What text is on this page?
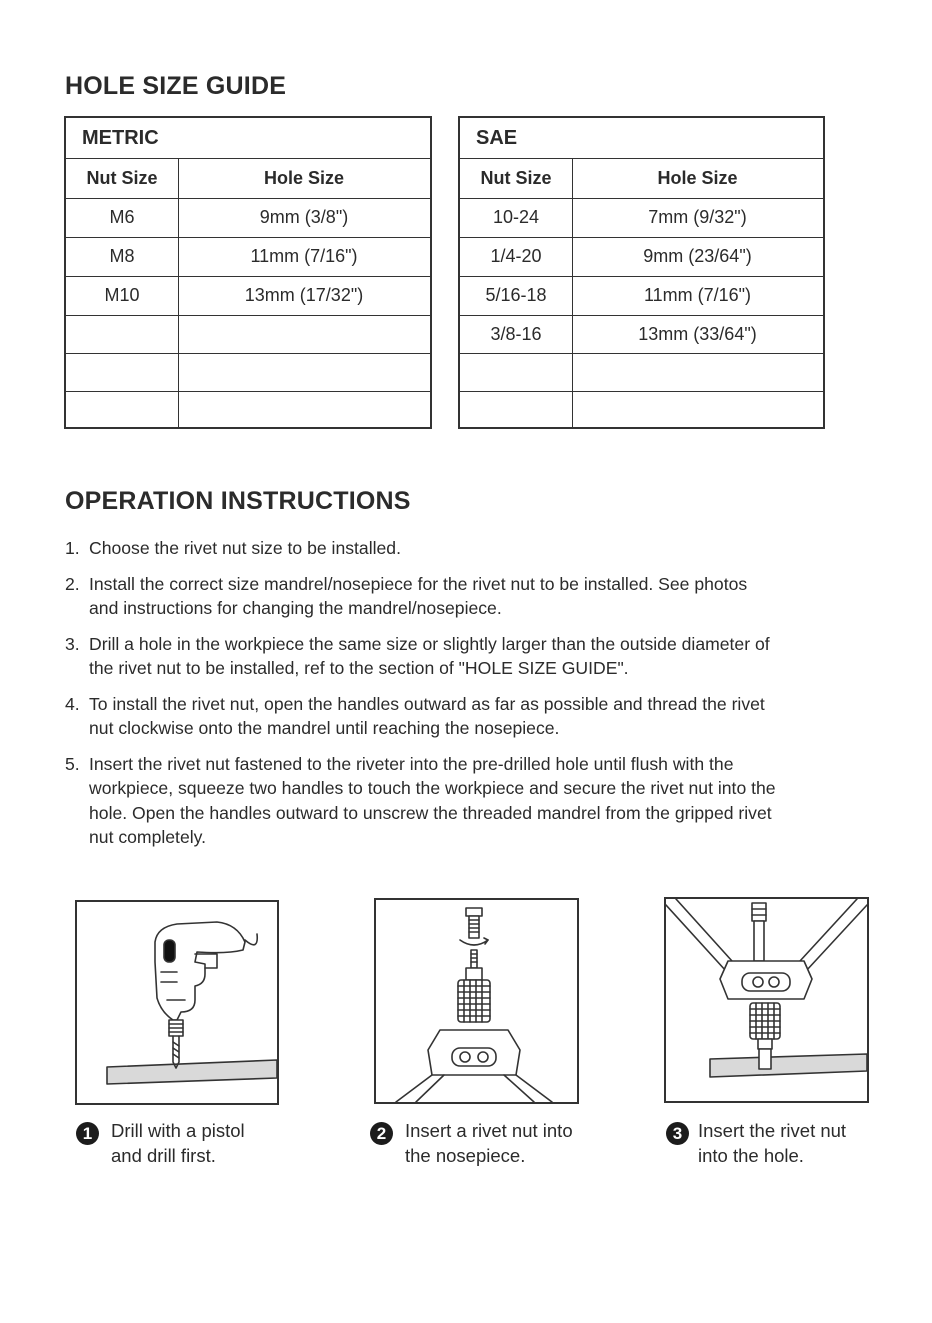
HOLE SIZE GUIDE
METRIC
Nut Size	Hole Size
M6	9mm (3/8")
M8	11mm (7/16")
M10	13mm (17/32")
SAE
Nut Size	Hole Size
10-24	7mm (9/32")
1/4-20	9mm (23/64")
5/16-18	11mm (7/16")
3/8-16	13mm (33/64")
OPERATION INSTRUCTIONS
1. Choose the rivet nut size to be installed.
2. Install the correct size mandrel/nosepiece for the rivet nut to be installed. See photos
and instructions for changing the mandrel/nosepiece.
3. Drill a hole in the workpiece the same size or slightly larger than the outside diameter of
the rivet nut to be installed, ref to the section of "HOLE SIZE GUIDE".
4. To install the rivet nut, open the handles outward as far as possible and thread the rivet
nut clockwise onto the mandrel until reaching the nosepiece.
5. Insert the rivet nut fastened to the riveter into the pre-drilled hole until flush with the
workpiece, squeeze two handles to touch the workpiece and secure the rivet nut into the
hole. Open the handles outward to unscrew the threaded mandrel from the gripped rivet
nut completely.
1	Drill with a pistol
and drill first.
2	Insert a rivet nut into
the nosepiece.
3 Insert the rivet nut
into the hole.
